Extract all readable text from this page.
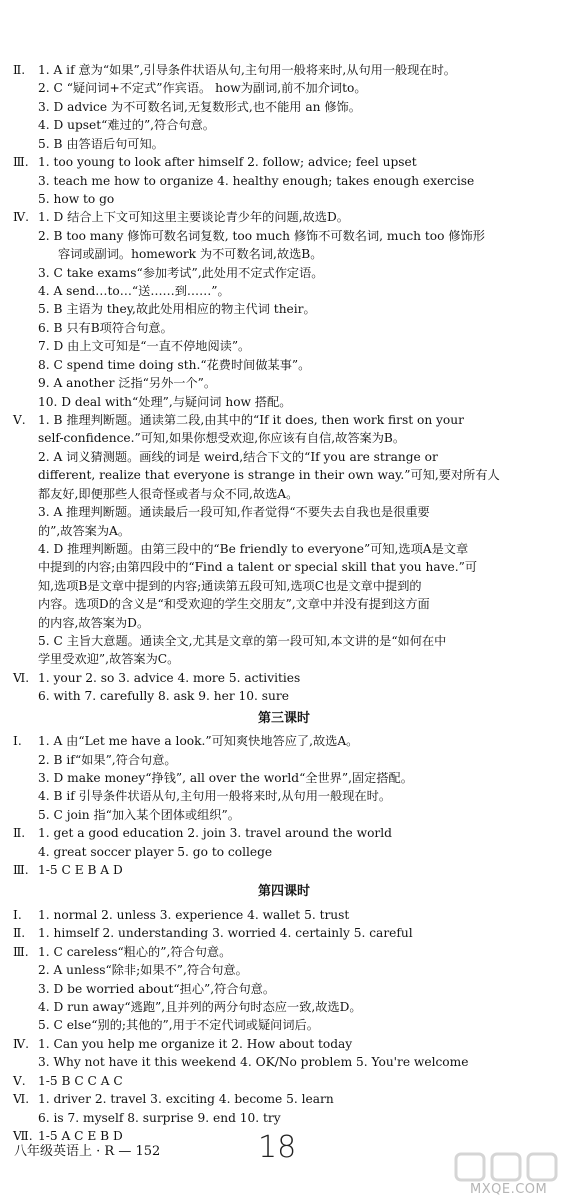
Ⅱ. 1. A if 意为“如果”,引导条件状语从句,主句用一般将来时,从句用一般现在时。
2. C “疑问词+不定式”作宾语。 how为副词,前不加介词to。
3. D advice 为不可数名词,无复数形式,也不能用 an 修饰。
4. D upset“难过的”,符合句意。
5. B 由答语后句可知。
Ⅲ. 1. too young to look after himself 2. follow; advice; feel upset
3. teach me how to organize 4. healthy enough; takes enough exercise
5. how to go
Ⅳ. 1. D 结合上下文可知这里主要谈论青少年的问题,故选D。
2. B too many 修饰可数名词复数, too much 修饰不可数名词, much too 修饰形
容词或副词。homework 为不可数名词,故选B。
3. C take exams“参加考试”,此处用不定式作定语。
4. A send…to…“送……到……”。
5. B 主语为 they,故此处用相应的物主代词 their。
6. B 只有B项符合句意。
7. D 由上文可知是“一直不停地阅读”。
8. C spend time doing sth.“花费时间做某事”。
9. A another 泛指“另外一个”。
10. D deal with“处理”,与疑问词 how 搭配。
Ⅴ. 1. B 推理判断题。通读第二段,由其中的“If it does, then work first on your
self-confidence.”可知,如果你想受欢迎,你应该有自信,故答案为B。
2. A 词义猜测题。画线的词是 weird,结合下文的“If you are strange or
different, realize that everyone is strange in their own way.”可知,要对所有人
都友好,即便那些人很奇怪或者与众不同,故选A。
3. A 推理判断题。通读最后一段可知,作者觉得“不要失去自我也是很重要
的”,故答案为A。
4. D 推理判断题。由第三段中的“Be friendly to everyone”可知,选项A是文章
中提到的内容;由第四段中的“Find a talent or special skill that you have.”可
知,选项B是文章中提到的内容;通读第五段可知,选项C也是文章中提到的
内容。选项D的含义是“和受欢迎的学生交朋友”,文章中并没有提到这方面
的内容,故答案为D。
5. C 主旨大意题。通读全文,尤其是文章的第一段可知,本文讲的是“如何在中
学里受欢迎”,故答案为C。
Ⅵ. 1. your 2. so 3. advice 4. more 5. activities
6. with 7. carefully 8. ask 9. her 10. sure
第三课时
Ⅰ. 1. A 由“Let me have a look.”可知爽快地答应了,故选A。
2. B if“如果”,符合句意。
3. D make money“挣钱”, all over the world“全世界”,固定搭配。
4. B if 引导条件状语从句,主句用一般将来时,从句用一般现在时。
5. C join 指“加入某个团体或组织”。
Ⅱ. 1. get a good education 2. join 3. travel around the world
4. great soccer player 5. go to college
Ⅲ. 1-5 C E B A D
第四课时
Ⅰ. 1. normal 2. unless 3. experience 4. wallet 5. trust
Ⅱ. 1. himself 2. understanding 3. worried 4. certainly 5. careful
Ⅲ. 1. C careless“粗心的”,符合句意。
2. A unless“除非;如果不”,符合句意。
3. D be worried about“担心”,符合句意。
4. D run away“逃跑”,且并列的两分句时态应一致,故选D。
5. C else“别的;其他的”,用于不定代词或疑问词后。
Ⅳ. 1. Can you help me organize it 2. How about today
3. Why not have it this weekend 4. OK/No problem 5. You're welcome
Ⅴ. 1-5 B C C A C
Ⅵ. 1. driver 2. travel 3. exciting 4. become 5. learn
6. is 7. myself 8. surprise 9. end 10. try
Ⅶ. 1-5 A C E B D
八年级英语上 · R — 152	18
MXQE.COM
